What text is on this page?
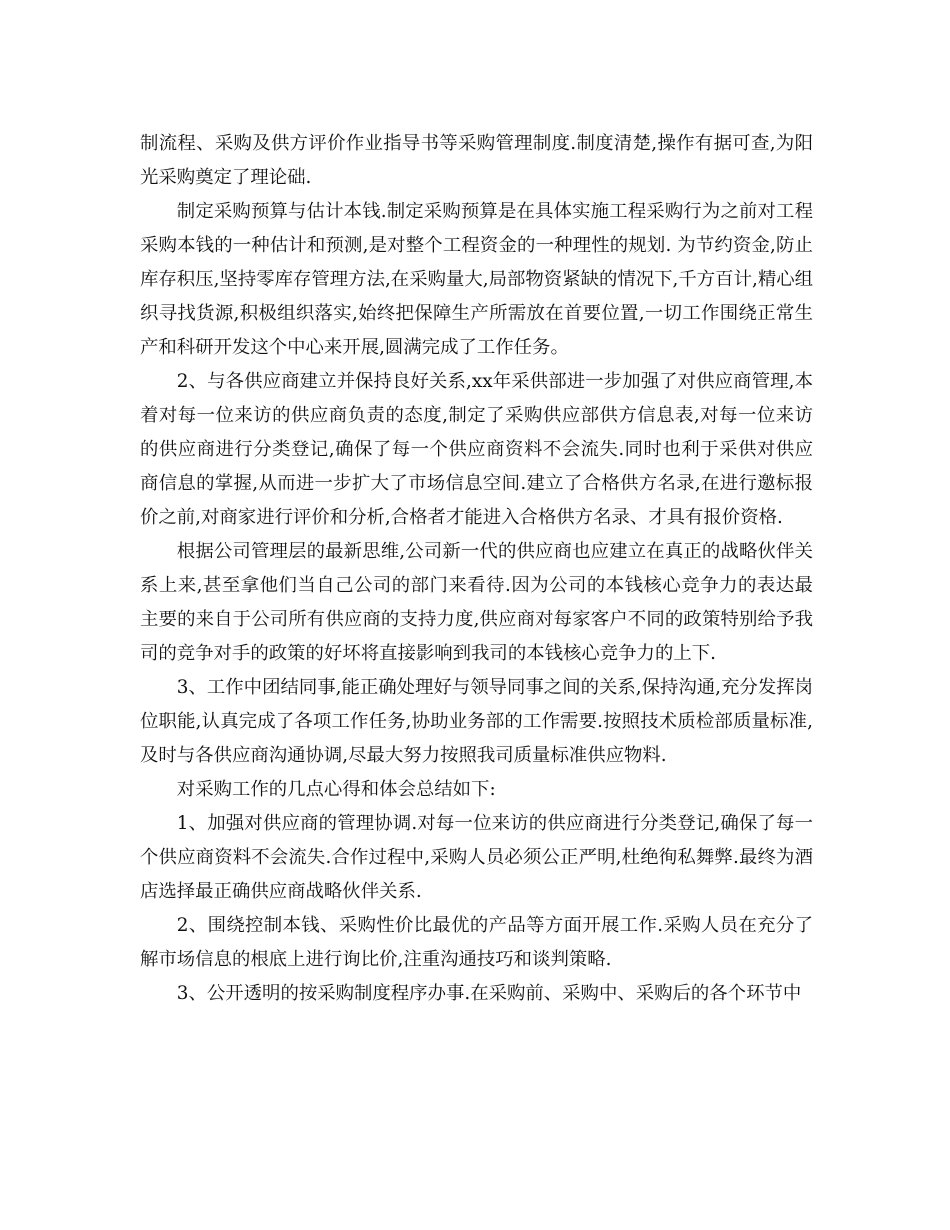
制流程、采购及供方评价作业指导书等采购管理制度.制度清楚,操作有据可查,为阳光采购奠定了理论础.

制定采购预算与估计本钱.制定采购预算是在具体实施工程采购行为之前对工程采购本钱的一种估计和预测,是对整个工程资金的一种理性的规划. 为节约资金,防止库存积压,坚持零库存管理方法,在采购量大,局部物资紧缺的情况下,千方百计,精心组织寻找货源,积极组织落实,始终把保障生产所需放在首要位置,一切工作围绕正常生产和科研开发这个中心来开展,圆满完成了工作任务。

2、与各供应商建立并保持良好关系,xx年采供部进一步加强了对供应商管理,本着对每一位来访的供应商负责的态度,制定了采购供应部供方信息表,对每一位来访的供应商进行分类登记,确保了每一个供应商资料不会流失.同时也利于采供对供应商信息的掌握,从而进一步扩大了市场信息空间.建立了合格供方名录,在进行邀标报价之前,对商家进行评价和分析,合格者才能进入合格供方名录、才具有报价资格.

根据公司管理层的最新思维,公司新一代的供应商也应建立在真正的战略伙伴关系上来,甚至拿他们当自己公司的部门来看待.因为公司的本钱核心竞争力的表达最主要的来自于公司所有供应商的支持力度,供应商对每家客户不同的政策特别给予我司的竞争对手的政策的好坏将直接影响到我司的本钱核心竞争力的上下.

3、工作中团结同事,能正确处理好与领导同事之间的关系,保持沟通,充分发挥岗位职能,认真完成了各项工作任务,协助业务部的工作需要.按照技术质检部质量标准,及时与各供应商沟通协调,尽最大努力按照我司质量标准供应物料.

对采购工作的几点心得和体会总结如下:

1、加强对供应商的管理协调.对每一位来访的供应商进行分类登记,确保了每一个供应商资料不会流失.合作过程中,采购人员必须公正严明,杜绝徇私舞弊.最终为酒店选择最正确供应商战略伙伴关系.

2、围绕控制本钱、采购性价比最优的产品等方面开展工作.采购人员在充分了解市场信息的根底上进行询比价,注重沟通技巧和谈判策略.

3、公开透明的按采购制度程序办事.在采购前、采购中、采购后的各个环节中
